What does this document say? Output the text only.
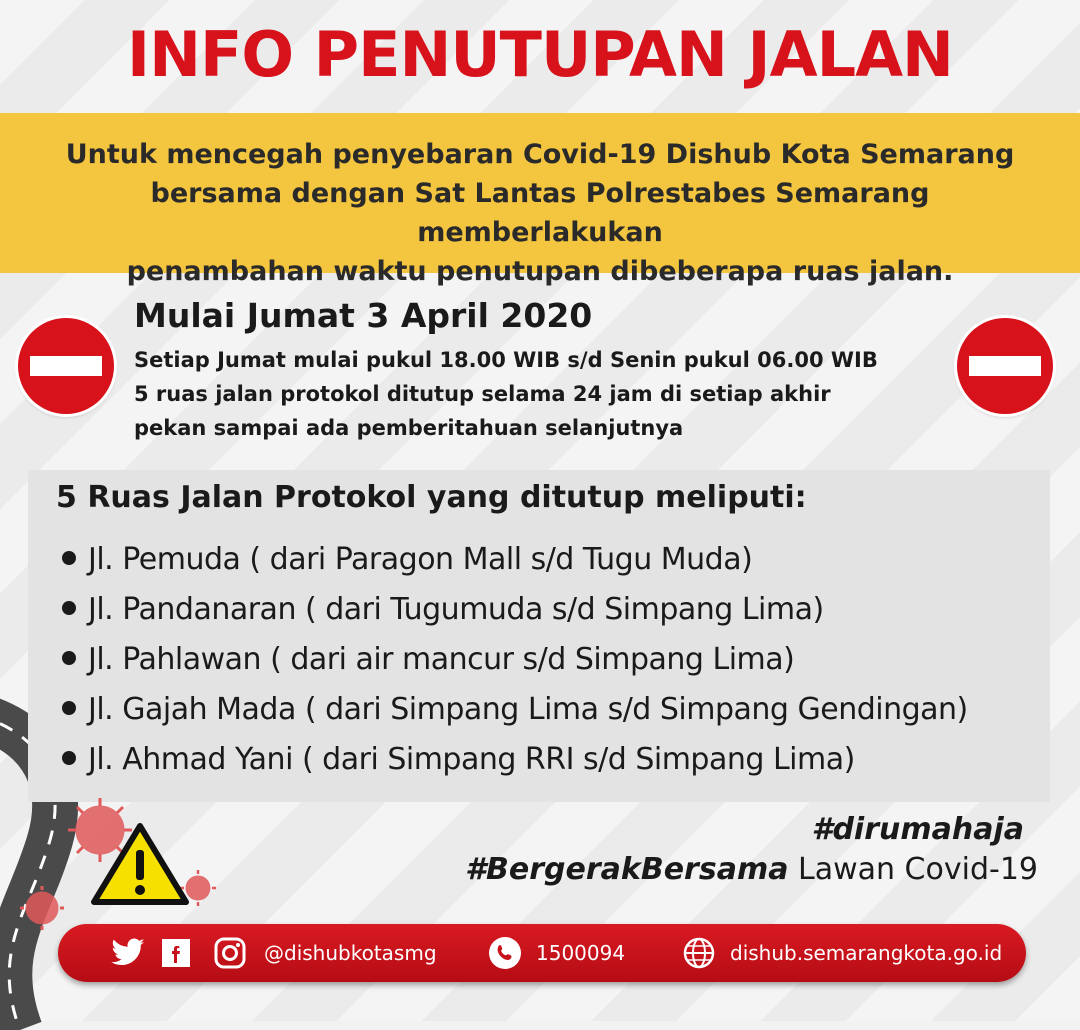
INFO PENUTUPAN JALAN
Untuk mencegah penyebaran Covid-19 Dishub Kota Semarang
bersama dengan Sat Lantas Polrestabes Semarang memberlakukan
penambahan waktu penutupan dibeberapa ruas jalan.
Mulai Jumat 3 April 2020
Setiap Jumat mulai pukul 18.00 WIB s/d Senin pukul 06.00 WIB
5 ruas jalan protokol ditutup selama 24 jam di setiap akhir
pekan sampai ada pemberitahuan selanjutnya
5 Ruas Jalan Protokol yang ditutup meliputi:
Jl. Pemuda ( dari Paragon Mall s/d Tugu Muda)
Jl. Pandanaran ( dari Tugumuda s/d Simpang Lima)
Jl. Pahlawan ( dari air mancur s/d Simpang Lima)
Jl. Gajah Mada ( dari Simpang Lima s/d Simpang Gendingan)
Jl. Ahmad Yani ( dari Simpang RRI s/d Simpang Lima)
#dirumahaja
#BergerakBersama Lawan Covid-19
@dishubkotasmg	1500094	dishub.semarangkota.go.id
